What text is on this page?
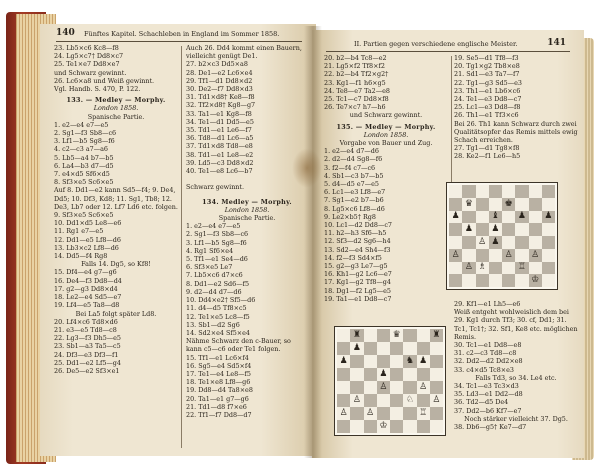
140 Fünftes Kapitel. Schachleben in England im Sommer 1858.
23. Lb5×c6 Kc8—f8
24. Lg5×c7† Dd8×c7
25. Te1×e7 Dd8×e7
und Schwarz gewinnt.
26. Lc6×a8 und Weiß gewinnt.
Vgl. Handb. S. 470, P. 122.
133. — Medley — Morphy.
London 1858.
Spanische Partie.
1. e2—e4 e7—e5
2. Sg1—f3 Sb8—c6
3. Lf1—b5 Sg8—f6
4. c2—c3 a7—a6
5. Lb5—a4 b7—b5
6. La4—b3 d7—d5
7. e4×d5 Sf6×d5
8. Sf3×e5 Sc6×e5
Auf 8. Dd1—e2 kann Sd5—f4; 9. De4, Dd5; 10. Df3, Kd8; 11. Sg1, Tb8; 12. De3, Lb7 oder 12. Lf7 Ld6 etc. folgen.
9. Sf3×e5 Sc6×e5
10. Dd1×d5 Le8—e6
11. Rg1 e7—e5
12. Dd1—e5 Lf8—d6
13. Lb3×c2 Lf8—d6
14. Dd5—f4 Rg8
Falls 14. Dg5, so Kf8!
15. Df4—e4 g7—g6
16. De4—f3 Dd8—d4
17. g2—g3 Dd8×d4
18. Le2—e4 Sd5—e7
19. Lf4—e5 Ta8—d8
Bei La5 folgt später Ld8.
20. Lf4×c6 Td8×d6
21. e3—e5 Td8—c8
22. Lg3—f3 Dh5—e5
23. Sb1—a3 Ta5—c5
24. Df3—e3 Df3—f1
25. Dd1—e2 Lf5—g4
26. De5—e2 Sf3×e1
Auch 26. Dd4 kommt einen Bauern,
vielleicht genügt De1.
27. b2×c3 Dd5×a8
28. De1—e2 Lc6×e4
29. Tf1—d1 Dd8×d2
30. De2—f7 Dd8×d3
31. Td1×d8† Ke8—f8
32. Tf2×d8† Kg8—g7
33. Ta1—e1 Kg8—f8
34. Te1—d1 Dd5—e5
35. Td1—e1 Le6—f7
36. Td8—d1 Lc6—a5
37. Td1×d8 Td8—e8
38. Td1—e1 Le8—e2
39. Ld5—c3 Dd8×d2
40. Te1—e8 Lc6—b7

Schwarz gewinnt.
134. Medley — Morphy.
London 1858.
Spanische Partie.
1. e2—e4 e7—e5
2. Sg1—f3 Sb8—c6
3. Lf1—b5 Sg8—f6
4. Rg1 Sf6×e4
5. Tf1—e1 Se4—d6
6. Sf3×e5 Le7
7. Lb5×c6 d7×c6
8. Dd1—e2 Sd6—f5
9. d2—d4 d7—d6
10. Dd4×e2† Sf5—d6
11. d4—d5 Tf8×c5
12. Te1×e5 Lc8—f5
13. Sb1—d2 Sg6
14. Sd2×e4 Sf5×e4
Nähme Schwarz den c-Bauer, so kann c5—c6 oder Te1 folgen.
15. Tf1—e1 Lc6×f4
16. Sg5—e4 Sd5×f4
17. Te1—e4 Le8—f5
18. Te1×e8 Lf8—g6
19. Dd8—d4 Ta8×e8
20. Ta1—e1 g7—g6
21. Td1—d8 f7×e6
22. Tf1—f7 Dd8—d7
II. Partien gegen verschiedene englische Meister.	141
20. b2—b4 Tc8—e2
21. Lg5×f2 Tf8×f2
22. b2—b4 Tf2×g2†
23. Kg1—f1 h6×g5
24. Te8—e7 Ta2—e8
25. Tc1—c7 Dd8×f8
26. Te7×c7 h7—h6
und Schwarz gewinnt.
135. — Medley — Morphy.
London 1858.
Vorgabe von Bauer und Zug.
1. e2—e4 d7—d6
2. d2—d4 Sg8—f6
3. f2—f4 c7—c6
4. Sb1—c3 b7—b5
5. d4—d5 e7—e5
6. Lc1—e3 Lf8—e7
7. Sg1—e2 b7—b6
8. Lg5×c6 Lf8—d6
9. Le2×b5† Rg8
10. Lc1—d2 Dd8—c7
11. h2—h3 Sf6—h5
12. Sf3—d2 Sg6—h4
13. Sd2—e4 Sh4—f3
14. f2—f3 Sd4×f5
15. g2—g3 Le7—g5
16. Kh1—g2 Lc6—e7
17. Kg1—g2 Tf8—g4
18. Dg1—f2 Lg5—e5
19. Ta1—e1 Dd8—c7
19. Se5—d1 Tf8—f3
20. Tg1×g2 Tb8×e8
21. Sd1—e3 Ta7—f7
22. Tg1—g3 Sd5—e3
23. Th1—e1 Lb6×c6
24. Te1—e3 Dd8—c7
25. Lc1—e3 Dd8—f8
26. Th1—e1 Tf3×c6
Bei 26. Th1 kann Schwarz durch zwei Qualitätsopfer das Remis mittels ewig Schach erreichen.
27. Tg1—d1 Tg8×f8
28. Ke2—f1 Le6—h5
29. Kf1—e1 Lh5—e6
Weiß entgeht wohlweislich dem bei 29. Kg1 durch Tf3; 30. cf, Dd1; 31. Tc1, Tc1†; 32. Sf1, Ke8 etc. möglichen Remis.
30. Tc1—e1 Dd8—e8
31. c2—c3 Td8—c8
32. Dd2—d2 Dd2×e8
33. c4×d5 Tc8×e3
Falls Td3, so 34. Le4 etc.
34. Tc1—e3 Tc3×d3
35. Ld3—e1 Dd2—d8
36. Td2—d5 De4
37. Dd2—b6 Kf7—e7
Noch stärker vielleicht 37. Dg5.
38. Db6—g5† Ke7—d7
♛	♚
♟	♝ ♟ ♟
♟ ♟
♙ ♟
♙	♙ ♙
♙ ♗	♖
♔
♜	♛	♜
♟
♟	♞ ♟
♟
♙	♙
♙	♘ ♙
♙ ♙	♖
♔
